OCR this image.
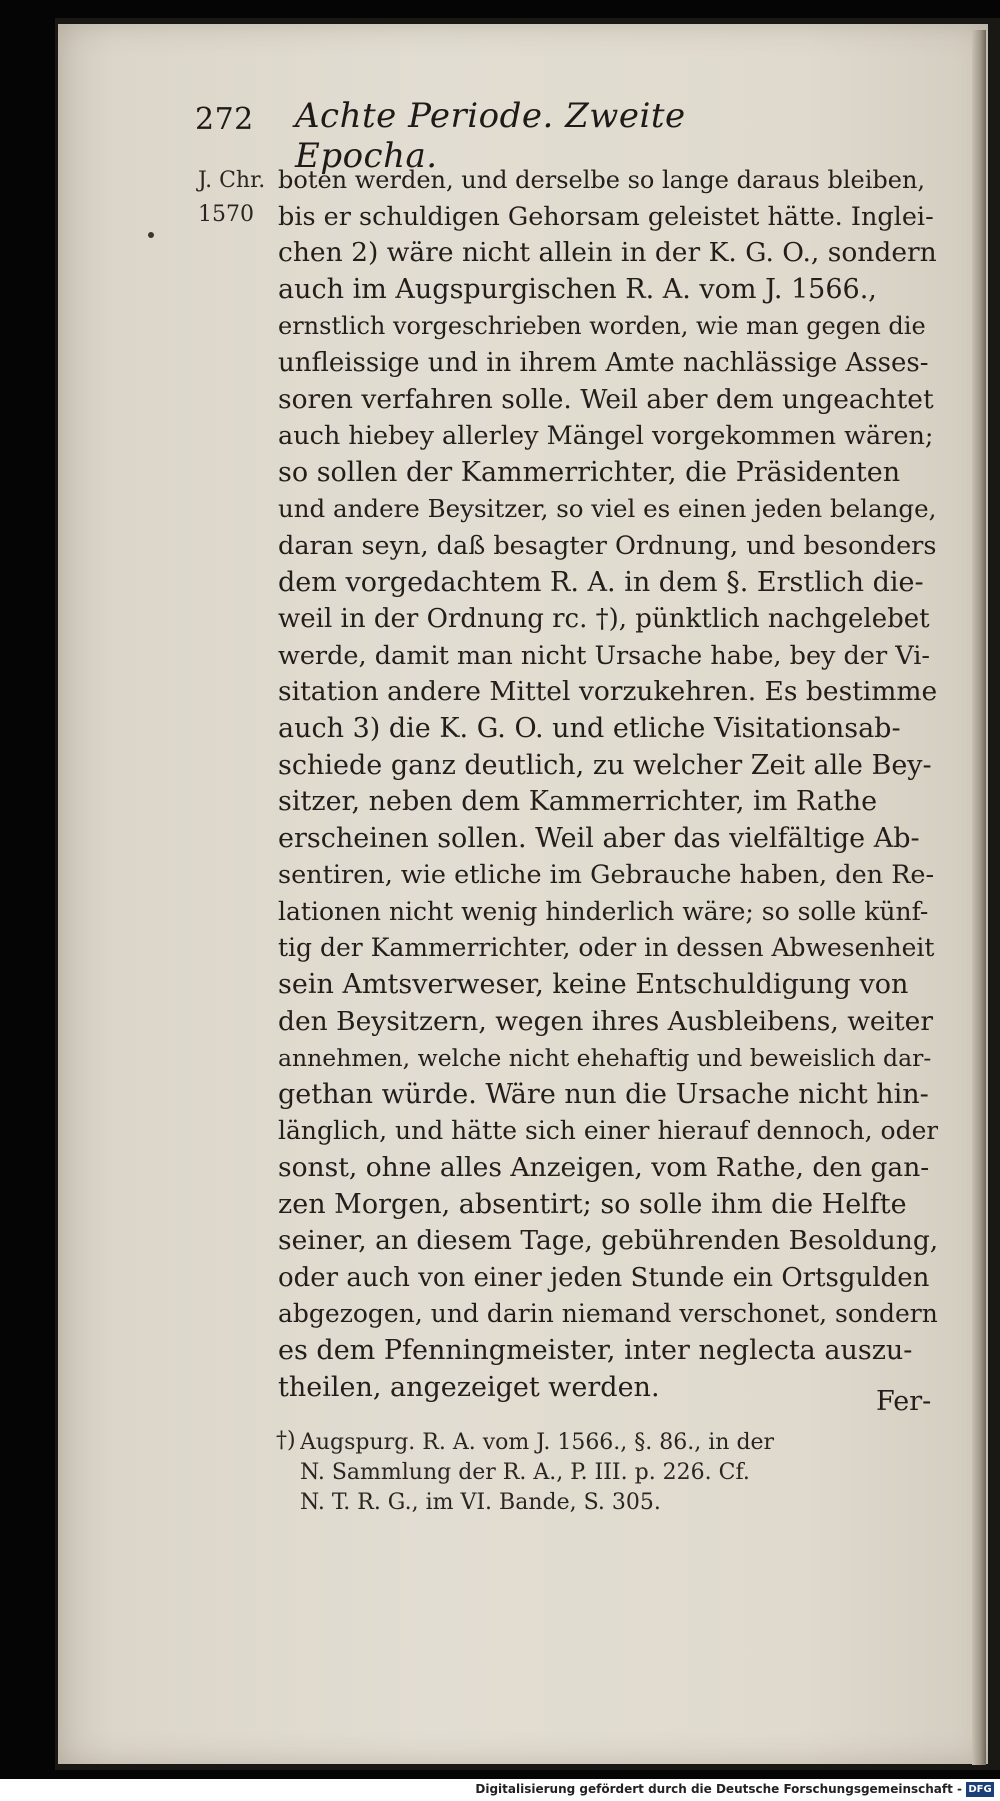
272 Achte Periode. Zweite Epocha.
J. Chr.
1570
boten werden, und derselbe so lange daraus bleiben,
bis er schuldigen Gehorsam geleistet hätte. Inglei-
chen 2) wäre nicht allein in der K. G. O., sondern
auch im Augspurgischen R. A. vom J. 1566.,
ernstlich vorgeschrieben worden, wie man gegen die
unfleissige und in ihrem Amte nachlässige Asses-
soren verfahren solle. Weil aber dem ungeachtet
auch hiebey allerley Mängel vorgekommen wären;
so sollen der Kammerrichter, die Präsidenten
und andere Beysitzer, so viel es einen jeden belange,
daran seyn, daß besagter Ordnung, und besonders
dem vorgedachtem R. A. in dem §. Erstlich die-
weil in der Ordnung rc. †), pünktlich nachgelebet
werde, damit man nicht Ursache habe, bey der Vi-
sitation andere Mittel vorzukehren. Es bestimme
auch 3) die K. G. O. und etliche Visitationsab-
schiede ganz deutlich, zu welcher Zeit alle Bey-
sitzer, neben dem Kammerrichter, im Rathe
erscheinen sollen. Weil aber das vielfältige Ab-
sentiren, wie etliche im Gebrauche haben, den Re-
lationen nicht wenig hinderlich wäre; so solle künf-
tig der Kammerrichter, oder in dessen Abwesenheit
sein Amtsverweser, keine Entschuldigung von
den Beysitzern, wegen ihres Ausbleibens, weiter
annehmen, welche nicht ehehaftig und beweislich dar-
gethan würde. Wäre nun die Ursache nicht hin-
länglich, und hätte sich einer hierauf dennoch, oder
sonst, ohne alles Anzeigen, vom Rathe, den gan-
zen Morgen, absentirt; so solle ihm die Helfte
seiner, an diesem Tage, gebührenden Besoldung,
oder auch von einer jeden Stunde ein Ortsgulden
abgezogen, und darin niemand verschonet, sondern
es dem Pfenningmeister, inter neglecta auszu-
theilen, angezeiget werden.	Fer-
†) Augspurg. R. A. vom J. 1566., §. 86., in der
N. Sammlung der R. A., P. III. p. 226. Cf.
N. T. R. G., im VI. Bande, S. 305.
Digitalisierung gefördert durch die Deutsche Forschungsgemeinschaft - DFG
